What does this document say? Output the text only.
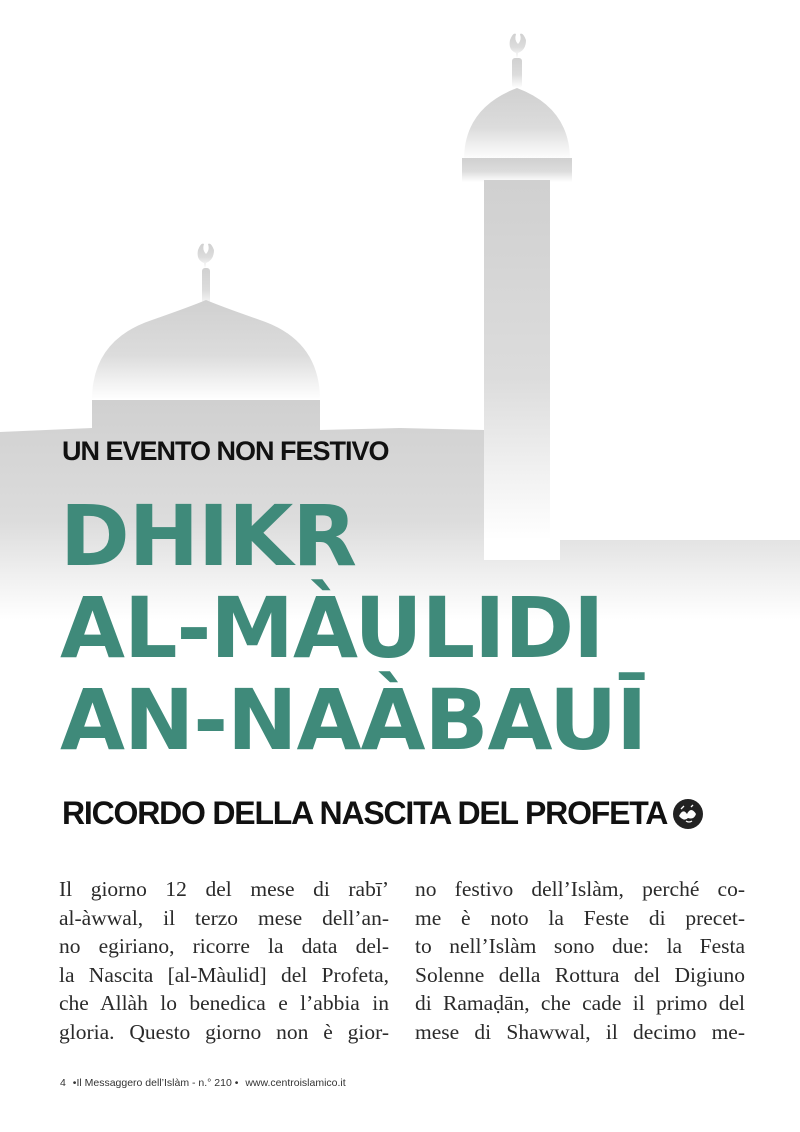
UN EVENTO NON FESTIVO
DHIKR
AL-MÀULIDI
AN-NAÀBAUĪ
RICORDO DELLA NASCITA DEL PROFETA
Il giorno 12 del mese di rabī’
al-àwwal, il terzo mese dell’an-
no egiriano, ricorre la data del-
la Nascita [al-Màulid] del Profeta,
che Allàh lo benedica e l’abbia in
gloria. Questo giorno non è gior-
no festivo dell’Islàm, perché co-
me è noto la Feste di precet-
to nell’Islàm sono due: la Festa
Solenne della Rottura del Digiuno
di Ramaḍān, che cade il primo del
mese di Shawwal, il decimo me-
4 •Il Messaggero dell’Islàm - n.° 210 • www.centroislamico.it
